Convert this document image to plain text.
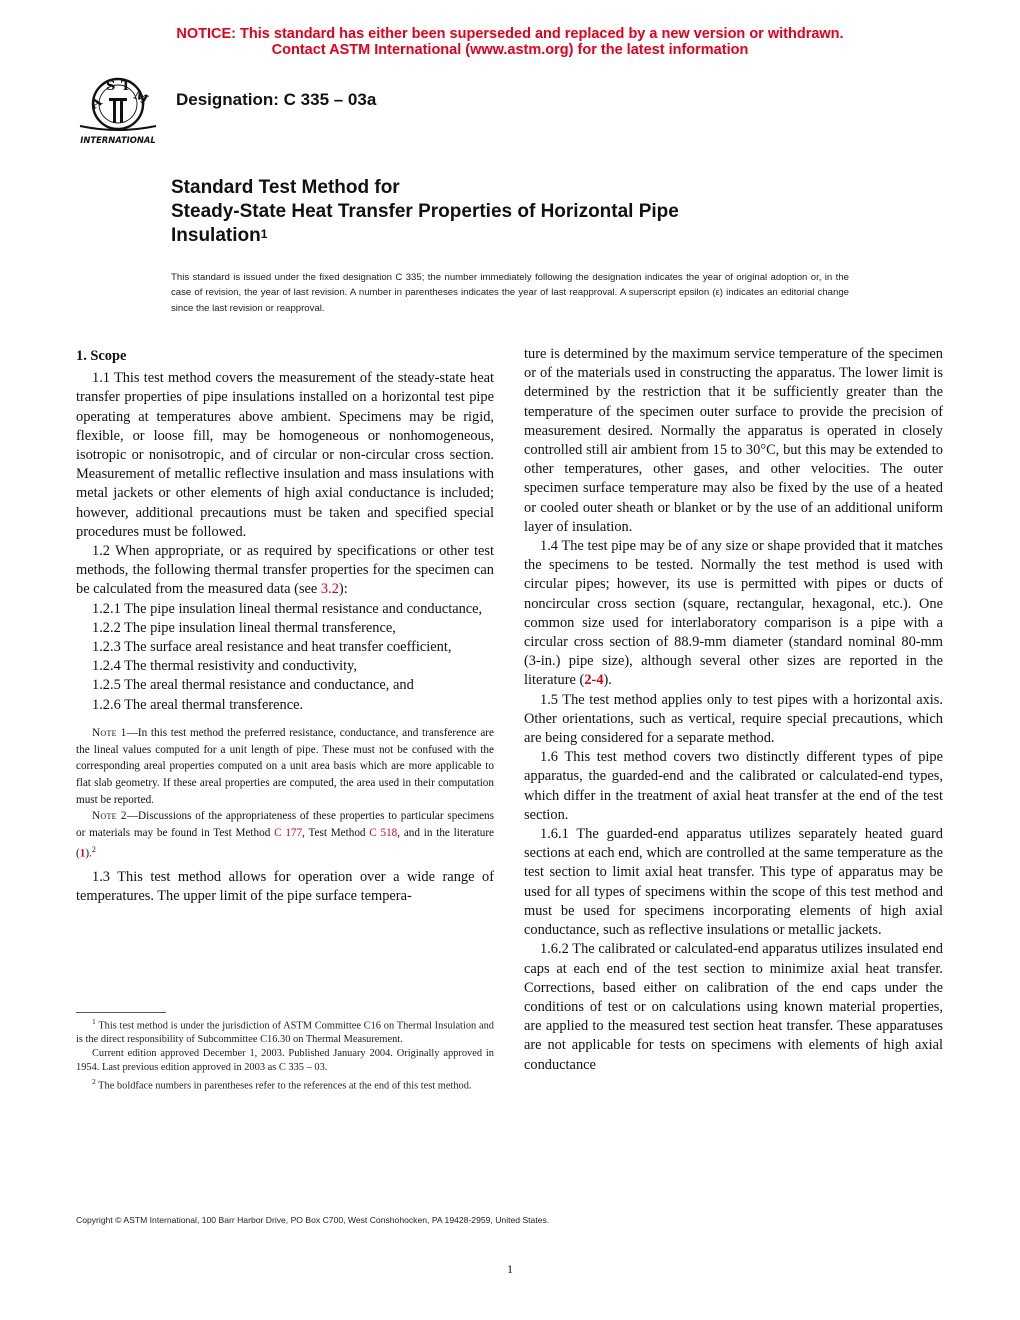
NOTICE: This standard has either been superseded and replaced by a new version or withdrawn.
Contact ASTM International (www.astm.org) for the latest information
A
S T
M
INTERNATIONAL
Designation: C 335 – 03a
Standard Test Method for
Steady-State Heat Transfer Properties of Horizontal Pipe
Insulation$^1$
This standard is issued under the fixed designation C 335; the number immediately following the designation indicates the year of original adoption or, in the case of revision, the year of last revision. A number in parentheses indicates the year of last reapproval. A superscript epsilon (ε) indicates an editorial change since the last revision or reapproval.

1. Scope

1.1 This test method covers the measurement of the steady-state heat transfer properties of pipe insulations installed on a horizontal test pipe operating at temperatures above ambient. Specimens may be rigid, flexible, or loose fill, may be homogeneous or nonhomogeneous, isotropic or nonisotropic, and of circular or non-circular cross section. Measurement of metallic reflective insulation and mass insulations with metal jackets or other elements of high axial conductance is included; however, additional precautions must be taken and specified special procedures must be followed.

1.2 When appropriate, or as required by specifications or other test methods, the following thermal transfer properties for the specimen can be calculated from the measured data (see 3.2):

1.2.1 The pipe insulation lineal thermal resistance and conductance,

1.2.2 The pipe insulation lineal thermal transference,

1.2.3 The surface areal resistance and heat transfer coefficient,

1.2.4 The thermal resistivity and conductivity,

1.2.5 The areal thermal resistance and conductance, and

1.2.6 The areal thermal transference.

Note 1—In this test method the preferred resistance, conductance, and transference are the lineal values computed for a unit length of pipe. These must not be confused with the corresponding areal properties computed on a unit area basis which are more applicable to flat slab geometry. If these areal properties are computed, the area used in their computation must be reported.

Note 2—Discussions of the appropriateness of these properties to particular specimens or materials may be found in Test Method C 177, Test Method C 518, and in the literature (1).$^2$

1.3 This test method allows for operation over a wide range of temperatures. The upper limit of the pipe surface tempera-

$^1$ This test method is under the jurisdiction of ASTM Committee C16 on Thermal Insulation and is the direct responsibility of Subcommittee C16.30 on Thermal Measurement.

Current edition approved December 1, 2003. Published January 2004. Originally approved in 1954. Last previous edition approved in 2003 as C 335 – 03.

$^2$ The boldface numbers in parentheses refer to the references at the end of this test method.

ture is determined by the maximum service temperature of the specimen or of the materials used in constructing the apparatus. The lower limit is determined by the restriction that it be sufficiently greater than the temperature of the specimen outer surface to provide the precision of measurement desired. Normally the apparatus is operated in closely controlled still air ambient from 15 to 30°C, but this may be extended to other temperatures, other gases, and other velocities. The outer specimen surface temperature may also be fixed by the use of a heated or cooled outer sheath or blanket or by the use of an additional uniform layer of insulation.

1.4 The test pipe may be of any size or shape provided that it matches the specimens to be tested. Normally the test method is used with circular pipes; however, its use is permitted with pipes or ducts of noncircular cross section (square, rectangular, hexagonal, etc.). One common size used for interlaboratory comparison is a pipe with a circular cross section of 88.9-mm diameter (standard nominal 80-mm (3-in.) pipe size), although several other sizes are reported in the literature (2-4).

1.5 The test method applies only to test pipes with a horizontal axis. Other orientations, such as vertical, require special precautions, which are being considered for a separate method.

1.6 This test method covers two distinctly different types of pipe apparatus, the guarded-end and the calibrated or calculated-end types, which differ in the treatment of axial heat transfer at the end of the test section.

1.6.1 The guarded-end apparatus utilizes separately heated guard sections at each end, which are controlled at the same temperature as the test section to limit axial heat transfer. This type of apparatus may be used for all types of specimens within the scope of this test method and must be used for specimens incorporating elements of high axial conductance, such as reflective insulations or metallic jackets.

1.6.2 The calibrated or calculated-end apparatus utilizes insulated end caps at each end of the test section to minimize axial heat transfer. Corrections, based either on calibration of the end caps under the conditions of test or on calculations using known material properties, are applied to the measured test section heat transfer. These apparatuses are not applicable for tests on specimens with elements of high axial conductance

Copyright © ASTM International, 100 Barr Harbor Drive, PO Box C700, West Conshohocken, PA 19428-2959, United States.
1
